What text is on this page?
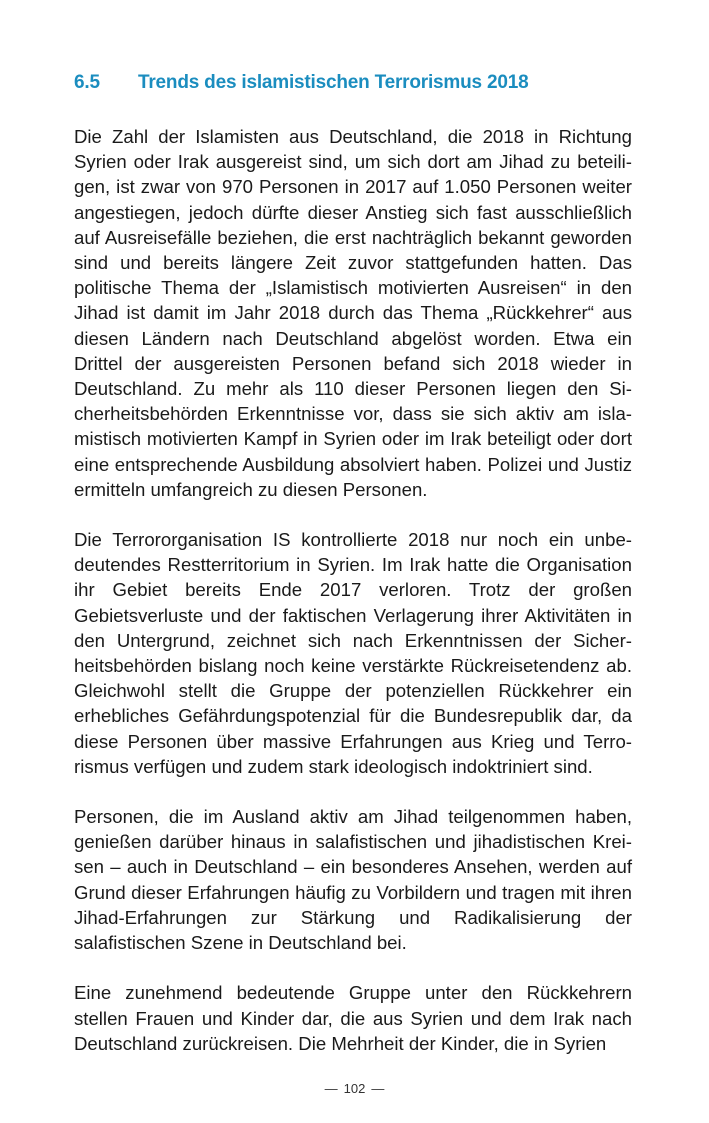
6.5	Trends des islamistischen Terrorismus 2018

Die Zahl der Islamisten aus Deutschland, die 2018 in Richtung Syrien oder Irak ausgereist sind, um sich dort am Jihad zu beteiligen, ist zwar von 970 Personen in 2017 auf 1.050 Personen weiter angestiegen, jedoch dürfte dieser Anstieg sich fast ausschließlich auf Ausreisefälle beziehen, die erst nachträglich bekannt geworden sind und bereits längere Zeit zuvor stattgefunden hatten. Das politische Thema der „Islamistisch motivierten Ausreisen“ in den Jihad ist damit im Jahr 2018 durch das Thema „Rückkehrer“ aus diesen Ländern nach Deutschland abgelöst worden. Etwa ein Drittel der ausgereisten Personen befand sich 2018 wieder in Deutschland. Zu mehr als 110 dieser Personen liegen den Sicherheitsbehörden Erkenntnisse vor, dass sie sich aktiv am islamistisch motivierten Kampf in Syrien oder im Irak beteiligt oder dort eine entsprechende Ausbildung absolviert haben. Polizei und Justiz ermitteln umfangreich zu diesen Personen.

Die Terrororganisation IS kontrollierte 2018 nur noch ein unbedeutendes Restterritorium in Syrien. Im Irak hatte die Organisation ihr Gebiet bereits Ende 2017 verloren. Trotz der großen Gebietsverluste und der faktischen Verlagerung ihrer Aktivitäten in den Untergrund, zeichnet sich nach Erkenntnissen der Sicherheitsbehörden bislang noch keine verstärkte Rückreisetendenz ab. Gleichwohl stellt die Gruppe der potenziellen Rückkehrer ein erhebliches Gefährdungspotenzial für die Bundesrepublik dar, da diese Personen über massive Erfahrungen aus Krieg und Terrorismus verfügen und zudem stark ideologisch indoktriniert sind.

Personen, die im Ausland aktiv am Jihad teilgenommen haben, genießen darüber hinaus in salafistischen und jihadistischen Kreisen – auch in Deutschland – ein besonderes Ansehen, werden auf Grund dieser Erfahrungen häufig zu Vorbildern und tragen mit ihren Jihad-Erfahrungen zur Stärkung und Radikalisierung der salafistischen Szene in Deutschland bei.

Eine zunehmend bedeutende Gruppe unter den Rückkehrern stellen Frauen und Kinder dar, die aus Syrien und dem Irak nach Deutschland zurückreisen. Die Mehrheit der Kinder, die in Syrien

— 102 —
